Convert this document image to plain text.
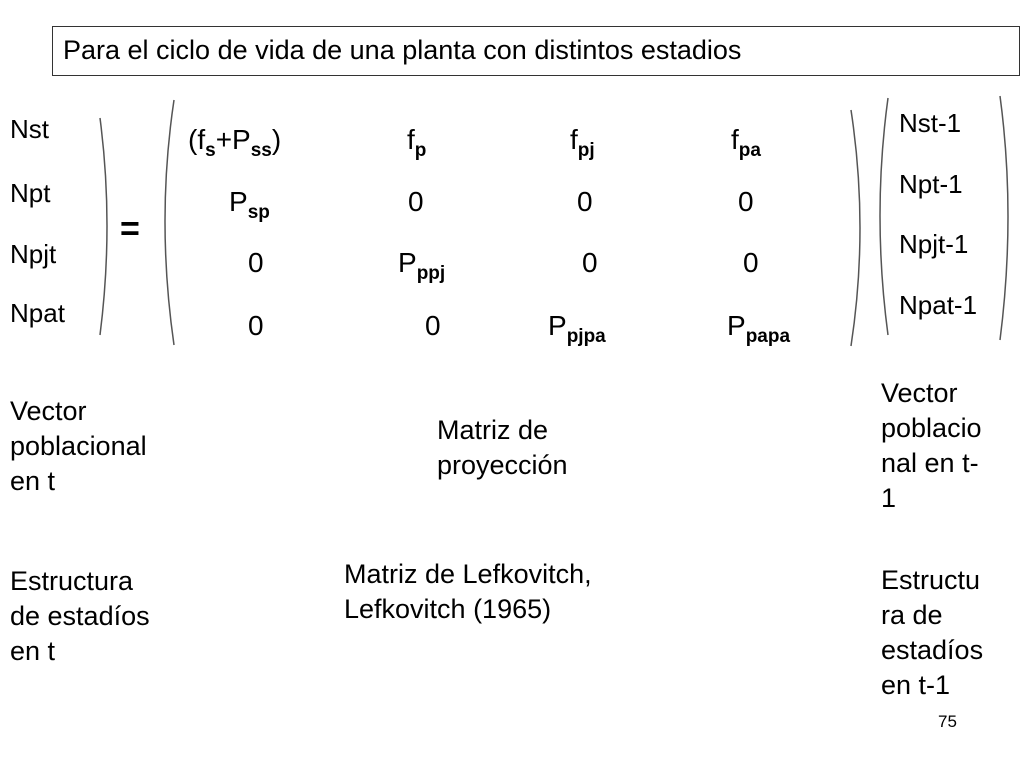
Para el ciclo de vida de una planta con distintos estadios
Nst
Npt
Npjt
Npat
=
$(f_s+P_{ss})$	$f_p$	$f_{pj}$	$f_{pa}$
$P_{sp}$	0	0	0
0	$P_{ppj}$	0	0
0	0	$P_{pjpa}$	$P_{papa}$
Nst-1
Npt-1
Npjt-1
Npat-1
Vector
poblacional
en t
Matriz de
proyección
Vector
poblacio
nal en t-
1
Estructura
de estadíos
en t
Matriz de Lefkovitch,
Lefkovitch (1965)
Estructu
ra de
estadíos
en t-1
75
